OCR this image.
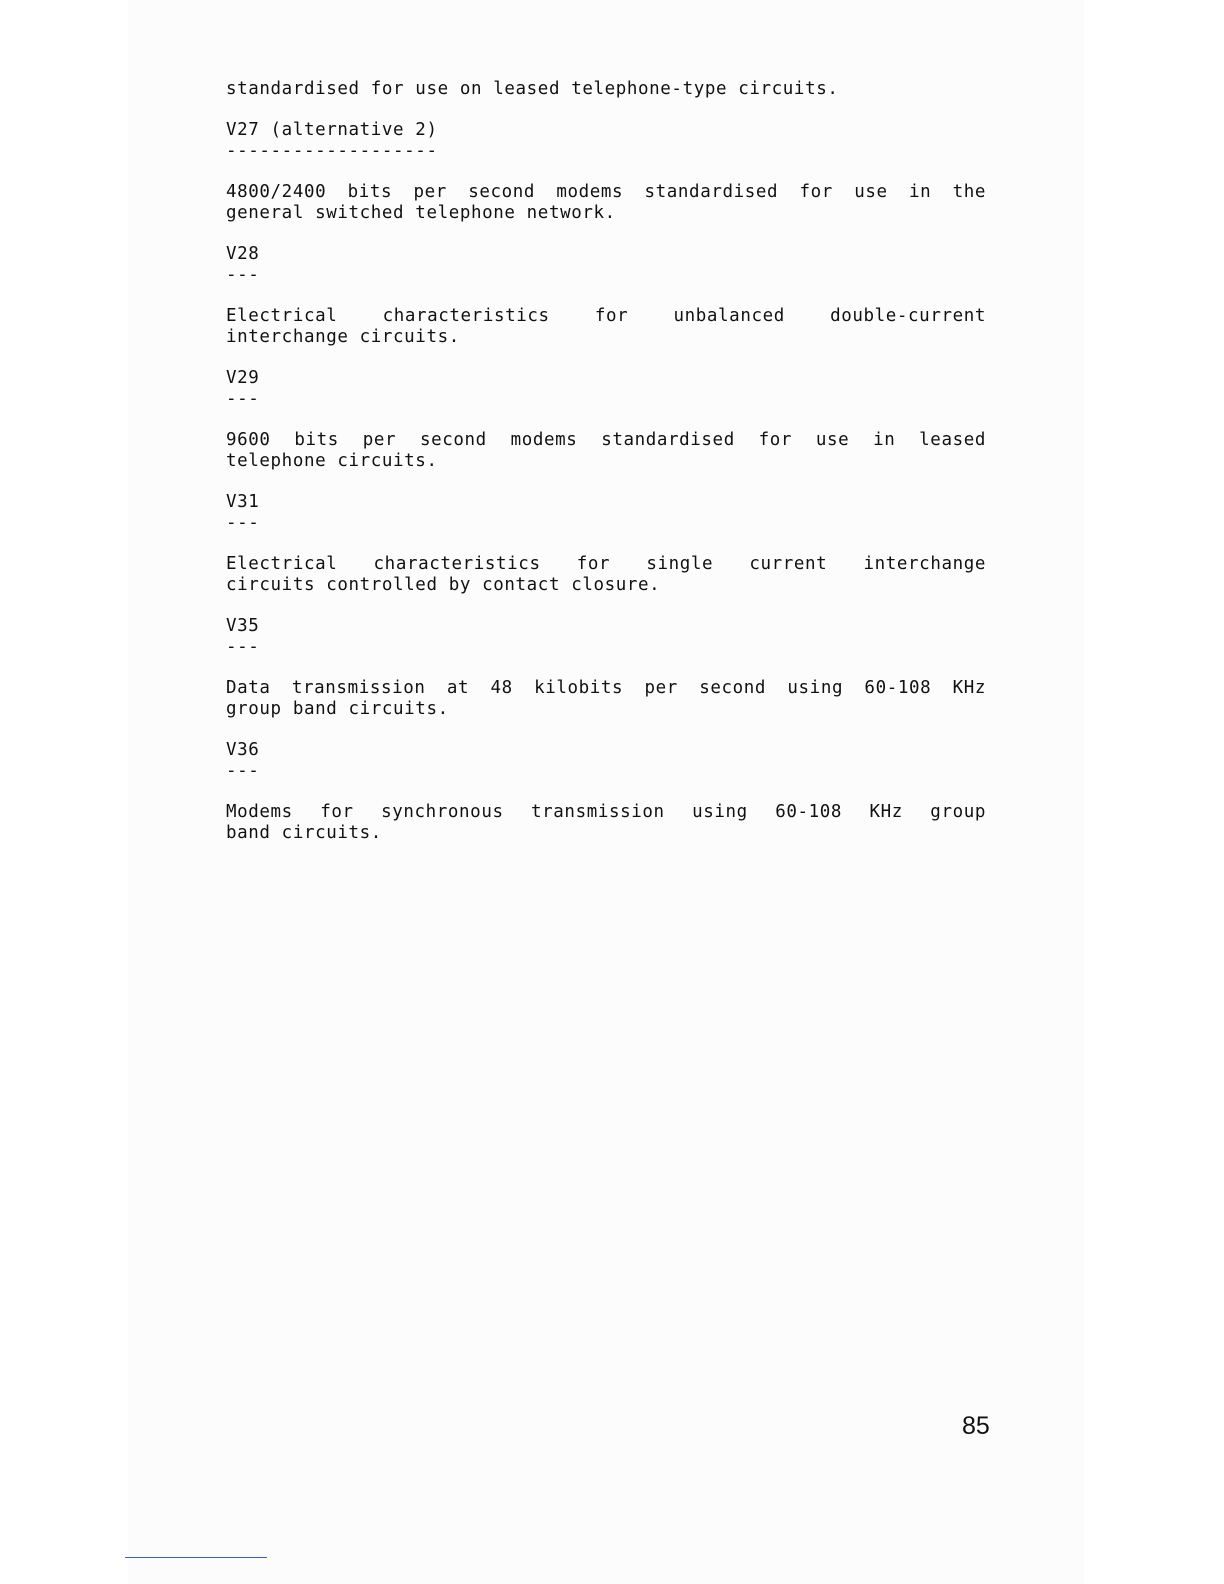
standardised for use on leased telephone-type circuits.
V27 (alternative 2)
-------------------
4800/2400 bits per second modems standardised for use in the
general switched telephone network.
V28
---
Electrical characteristics for unbalanced double-current
interchange circuits.
V29
---
9600 bits per second modems standardised for use in leased
telephone circuits.
V31
---
Electrical characteristics for single current interchange
circuits controlled by contact closure.
V35
---
Data transmission at 48 kilobits per second using 60-108 KHz
group band circuits.
V36
---
Modems for synchronous transmission using 60-108 KHz group
band circuits.
85
